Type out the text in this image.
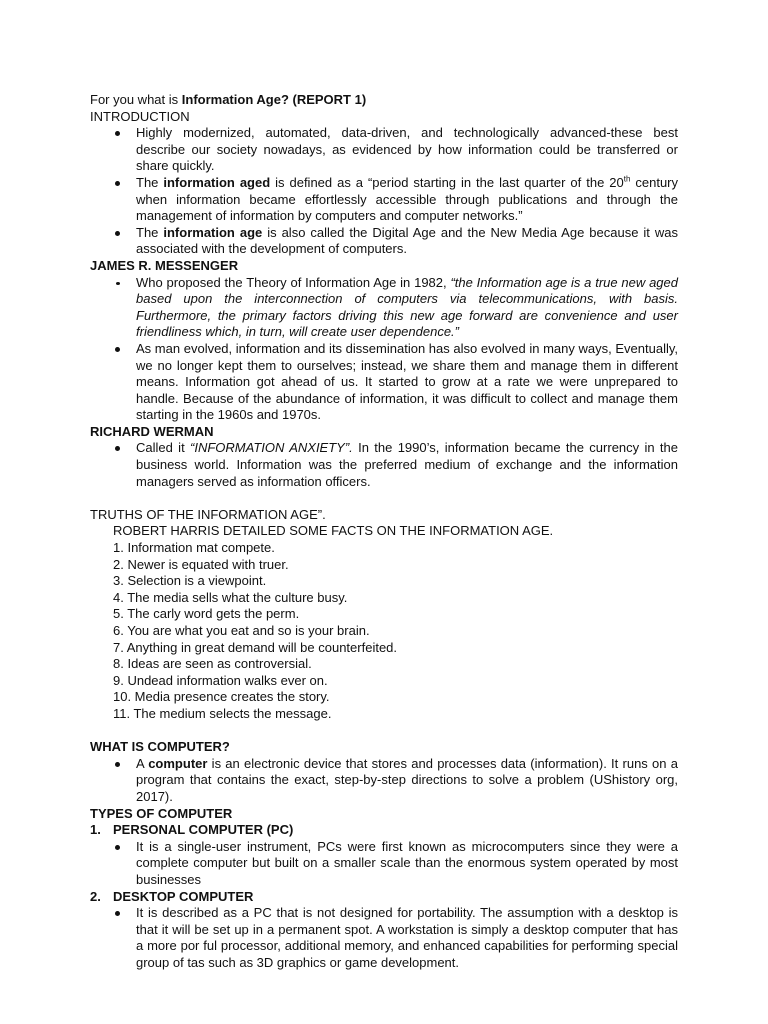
For you what is Information Age? (REPORT 1)
INTRODUCTION
Highly modernized, automated, data-driven, and technologically advanced-these best describe our society nowadays, as evidenced by how information could be transferred or share quickly.
The information aged is defined as a “period starting in the last quarter of the 20th century when information became effortlessly accessible through publications and through the management of information by computers and computer networks.”
The information age is also called the Digital Age and the New Media Age because it was associated with the development of computers.
JAMES R. MESSENGER
Who proposed the Theory of Information Age in 1982, “the Information age is a true new aged based upon the interconnection of computers via telecommunications, with basis. Furthermore, the primary factors driving this new age forward are convenience and user friendliness which, in turn, will create user dependence.”
As man evolved, information and its dissemination has also evolved in many ways, Eventually, we no longer kept them to ourselves; instead, we share them and manage them in different means. Information got ahead of us. It started to grow at a rate we were unprepared to handle. Because of the abundance of information, it was difficult to collect and manage them starting in the 1960s and 1970s.
RICHARD WERMAN
Called it “INFORMATION ANXIETY”. In the 1990’s, information became the currency in the business world. Information was the preferred medium of exchange and the information managers served as information officers.
TRUTHS OF THE INFORMATION AGE”.
ROBERT HARRIS DETAILED SOME FACTS ON THE INFORMATION AGE.
1. Information mat compete.
2. Newer is equated with truer.
3. Selection is a viewpoint.
4. The media sells what the culture busy.
5. The carly word gets the perm.
6. You are what you eat and so is your brain.
7. Anything in great demand will be counterfeited.
8. Ideas are seen as controversial.
9. Undead information walks ever on.
10. Media presence creates the story.
11. The medium selects the message.
WHAT IS COMPUTER?
A computer is an electronic device that stores and processes data (information). It runs on a program that contains the exact, step-by-step directions to solve a problem (UShistory org, 2017).
TYPES OF COMPUTER
1. PERSONAL COMPUTER (PC)
It is a single-user instrument, PCs were first known as microcomputers since they were a complete computer but built on a smaller scale than the enormous system operated by most businesses
2. DESKTOP COMPUTER
It is described as a PC that is not designed for portability. The assumption with a desktop is that it will be set up in a permanent spot. A workstation is simply a desktop computer that has a more por ful processor, additional memory, and enhanced capabilities for performing special group of tas such as 3D graphics or game development.
